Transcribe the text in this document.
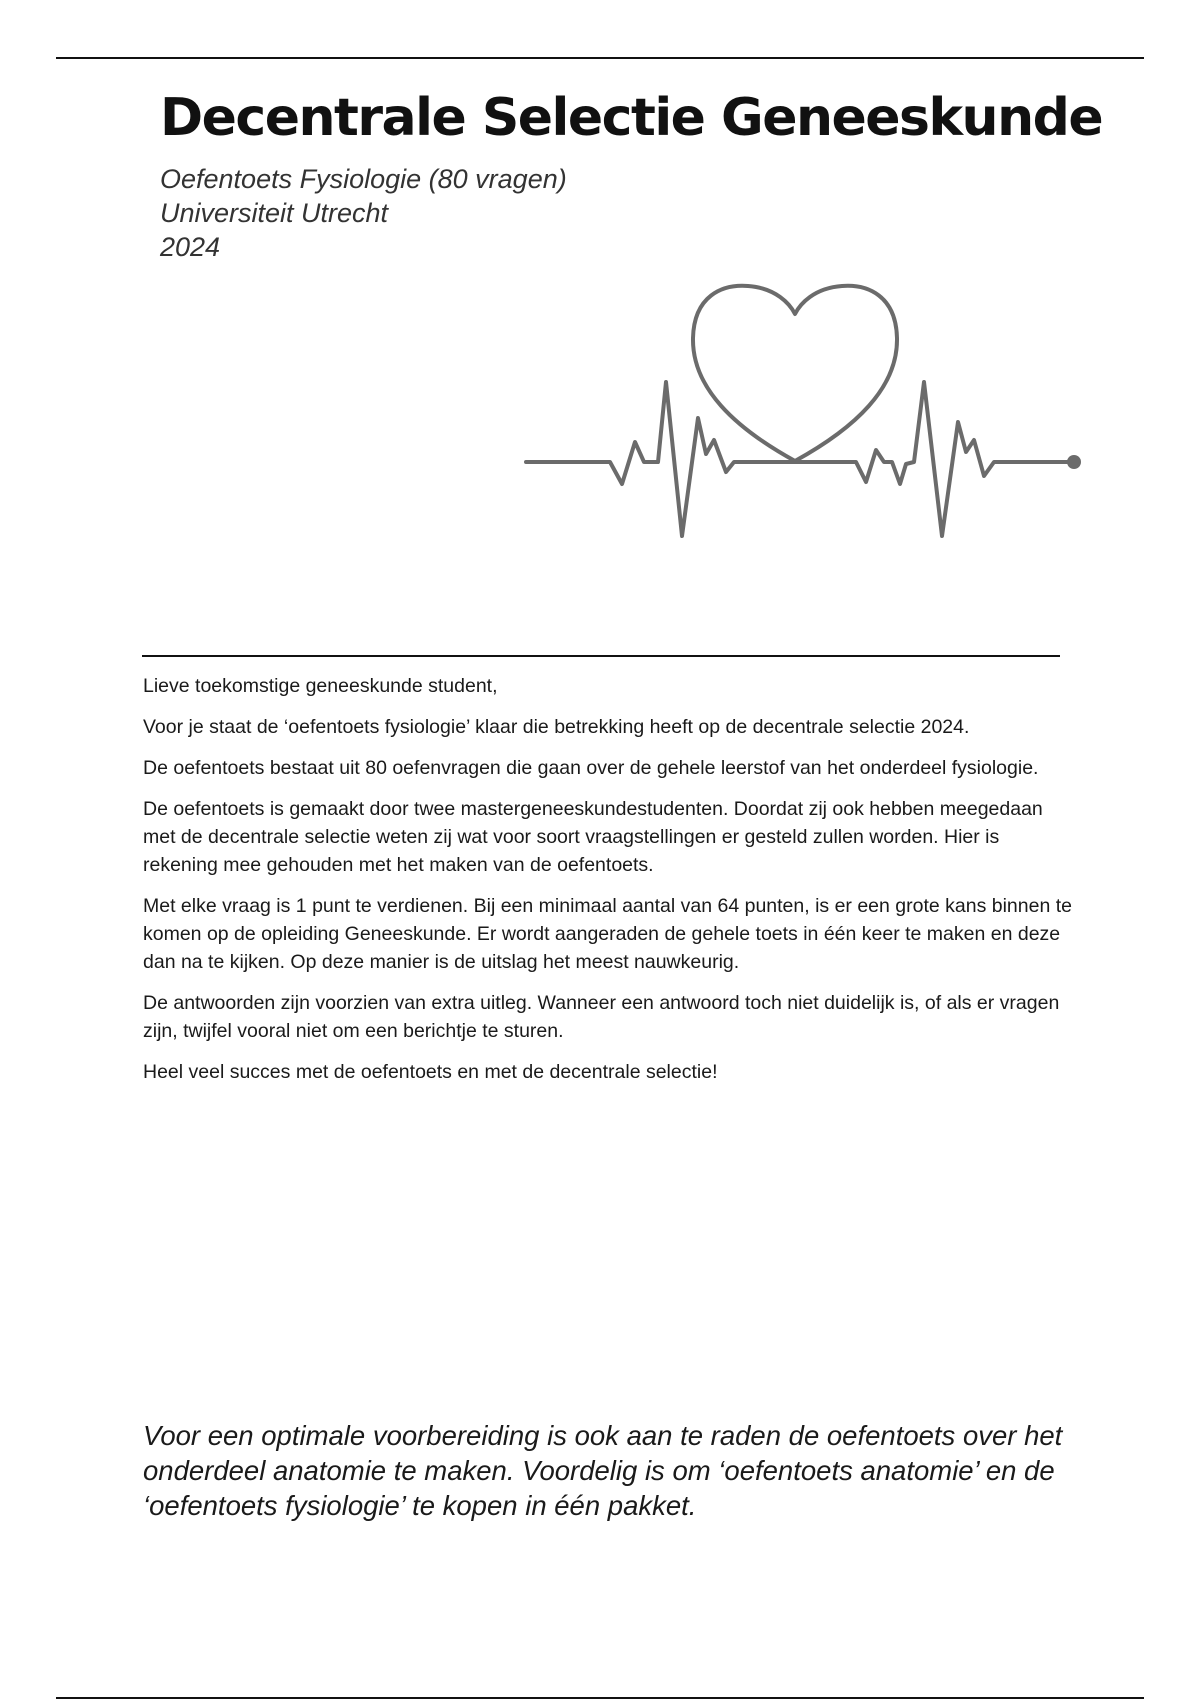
Decentrale Selectie Geneeskunde
Oefentoets Fysiologie (80 vragen)
Universiteit Utrecht
2024

Lieve toekomstige geneeskunde student,

Voor je staat de ‘oefentoets fysiologie’ klaar die betrekking heeft op de decentrale selectie 2024.

De oefentoets bestaat uit 80 oefenvragen die gaan over de gehele leerstof van het onderdeel fysiologie.

De oefentoets is gemaakt door twee mastergeneeskundestudenten. Doordat zij ook hebben meegedaan met de decentrale selectie weten zij wat voor soort vraagstellingen er gesteld zullen worden. Hier is rekening mee gehouden met het maken van de oefentoets.

Met elke vraag is 1 punt te verdienen. Bij een minimaal aantal van 64 punten, is er een grote kans binnen te komen op de opleiding Geneeskunde. Er wordt aangeraden de gehele toets in één keer te maken en deze dan na te kijken. Op deze manier is de uitslag het meest nauwkeurig.

De antwoorden zijn voorzien van extra uitleg. Wanneer een antwoord toch niet duidelijk is, of als er vragen zijn, twijfel vooral niet om een berichtje te sturen.

Heel veel succes met de oefentoets en met de decentrale selectie!

Voor een optimale voorbereiding is ook aan te raden de oefentoets over het onderdeel anatomie te maken. Voordelig is om ‘oefentoets anatomie’ en de ‘oefentoets fysiologie’ te kopen in één pakket.
